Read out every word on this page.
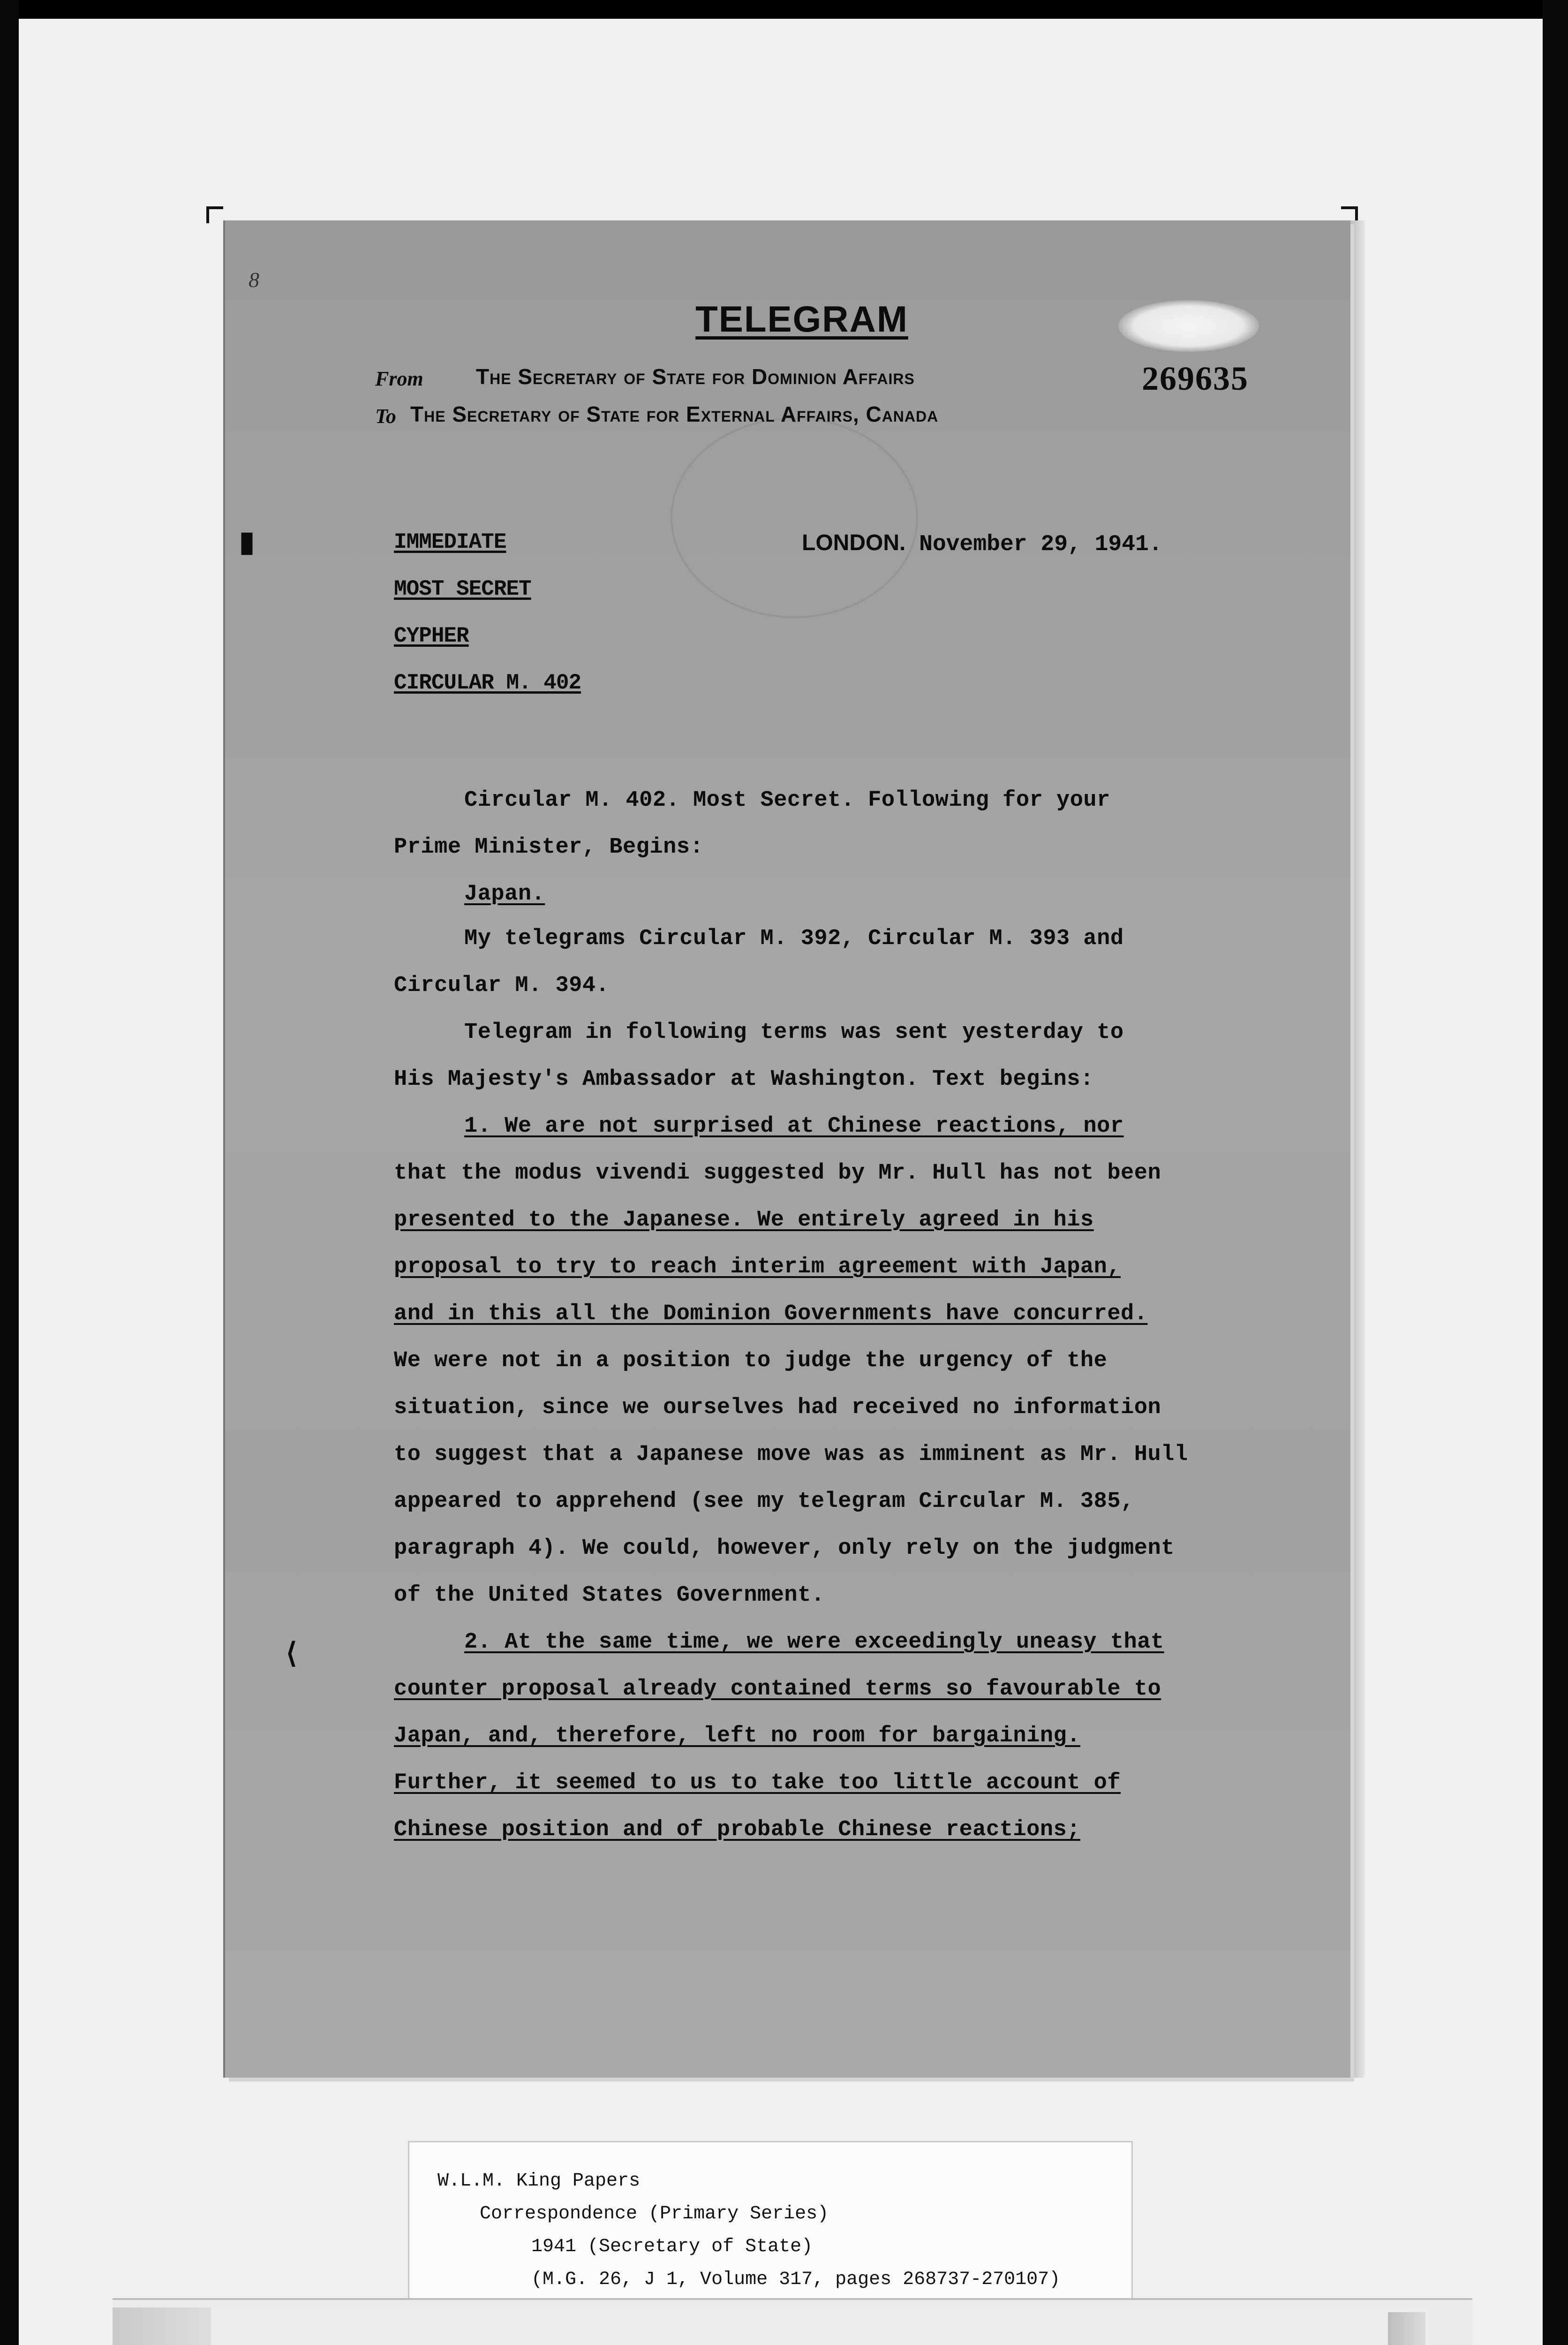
8
TELEGRAM
From The Secretary of State for Dominion Affairs
To The Secretary of State for External Affairs, Canada
269635
LONDON. November 29, 1941.
▮	IMMEDIATE
MOST SECRET
CYPHER
CIRCULAR M. 402
Circular M. 402. Most Secret. Following for your
Prime Minister, Begins:
Japan.
My telegrams Circular M. 392, Circular M. 393 and
Circular M. 394.
Telegram in following terms was sent yesterday to
His Majesty's Ambassador at Washington. Text begins:
1. We are not surprised at Chinese reactions, nor
that the modus vivendi suggested by Mr. Hull has not been
presented to the Japanese. We entirely agreed in his
proposal to try to reach interim agreement with Japan,
and in this all the Dominion Governments have concurred.
We were not in a position to judge the urgency of the
situation, since we ourselves had received no information
to suggest that a Japanese move was as imminent as Mr. Hull
appeared to apprehend (see my telegram Circular M. 385,
paragraph 4). We could, however, only rely on the judgment
of the United States Government.
⟨	2. At the same time, we were exceedingly uneasy that
counter proposal already contained terms so favourable to
Japan, and, therefore, left no room for bargaining.
Further, it seemed to us to take too little account of
Chinese position and of probable Chinese reactions;
W.L.M. King Papers
Correspondence (Primary Series)
1941 (Secretary of State)
(M.G. 26, J 1, Volume 317, pages 268737-270107)
